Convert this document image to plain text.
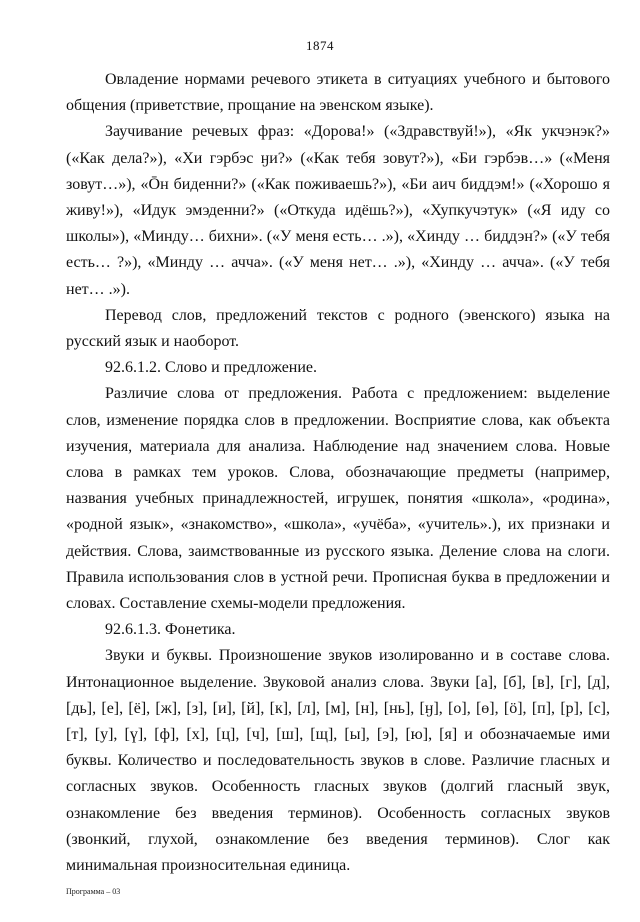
1874

Овладение нормами речевого этикета в ситуациях учебного и бытового общения (приветствие, прощание на эвенском языке).

Заучивание речевых фраз: «Дорова!» («Здравствуй!»), «Як укчэнэк?» («Как дела?»), «Хи гэрбэс ӈи?» («Как тебя зовут?»), «Би гэрбэв…» («Меня зовут…»), «Ōн биденни?» («Как поживаешь?»), «Би аич биддэм!» («Хорошо я живу!»), «Идук эмэденни?» («Откуда идёшь?»), «Хупкучэтук» («Я иду со школы»), «Минду… бихни». («У меня есть… .»), «Хинду … биддэн?» («У тебя есть… ?»), «Минду … аччa». («У меня нет… .»), «Хинду … аччa». («У тебя нет… .»).

Перевод слов, предложений текстов с родного (эвенского) языка на русский язык и наоборот.

92.6.1.2. Слово и предложение.

Различие слова от предложения. Работа с предложением: выделение слов, изменение порядка слов в предложении. Восприятие слова, как объекта изучения, материала для анализа. Наблюдение над значением слова. Новые слова в рамках тем уроков. Слова, обозначающие предметы (например, названия учебных принадлежностей, игрушек, понятия «школа», «родина», «родной язык», «знакомство», «школа», «учёба», «учитель».), их признаки и действия. Слова, заимствованные из русского языка. Деление слова на слоги. Правила использования слов в устной речи. Прописная буква в предложении и словах. Составление схемы-модели предложения.

92.6.1.3. Фонетика.

Звуки и буквы. Произношение звуков изолированно и в составе слова. Интонационное выделение. Звуковой анализ слова. Звуки [а], [б], [в], [г], [д], [дь], [е], [ё], [ж], [з], [и], [й], [к], [л], [м], [н], [нь], [ӈ], [о], [ө], [ö], [п], [р], [с], [т], [у], [ү], [ф], [х], [ц], [ч], [ш], [щ], [ы], [э], [ю], [я] и обозначаемые ими буквы. Количество и последовательность звуков в слове. Различие гласных и согласных звуков. Особенность гласных звуков (долгий гласный звук, ознакомление без введения терминов). Особенность согласных звуков (звонкий, глухой, ознакомление без введения терминов). Слог как минимальная произносительная единица.

Программа – 03
